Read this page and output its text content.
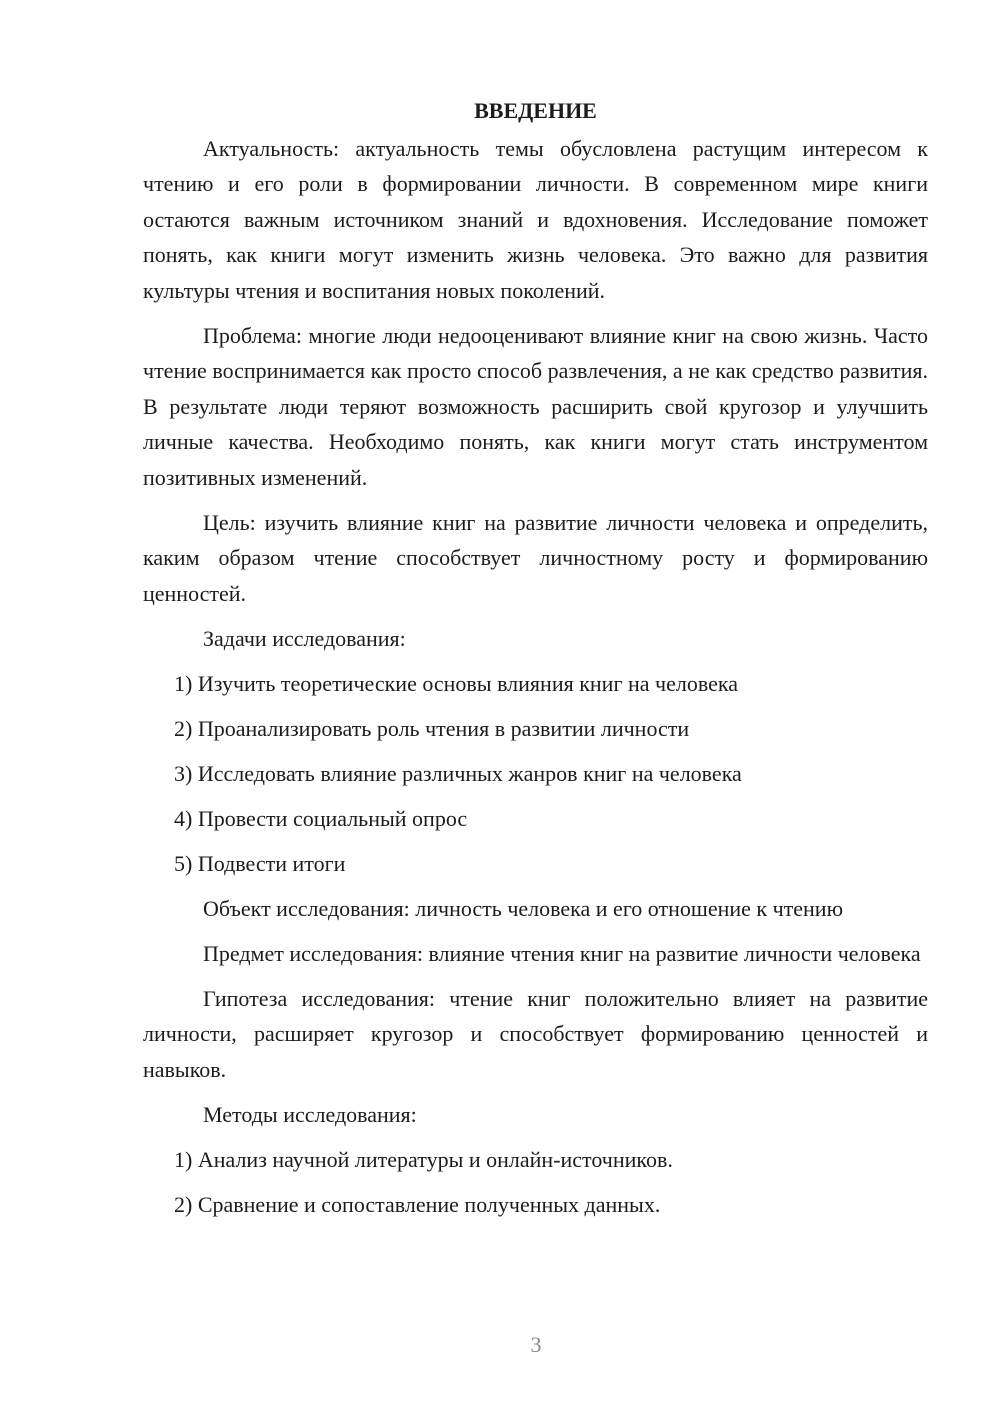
ВВЕДЕНИЕ

Актуальность: актуальность темы обусловлена растущим интересом к чтению и его роли в формировании личности. В современном мире книги остаются важным источником знаний и вдохновения. Исследование поможет понять, как книги могут изменить жизнь человека. Это важно для развития культуры чтения и воспитания новых поколений.

Проблема: многие люди недооценивают влияние книг на свою жизнь. Часто чтение воспринимается как просто способ развлечения, а не как средство развития. В результате люди теряют возможность расширить свой кругозор и улучшить личные качества. Необходимо понять, как книги могут стать инструментом позитивных изменений.

Цель: изучить влияние книг на развитие личности человека и определить, каким образом чтение способствует личностному росту и формированию ценностей.

Задачи исследования:

1) Изучить теоретические основы влияния книг на человека
2) Проанализировать роль чтения в развитии личности
3) Исследовать влияние различных жанров книг на человека
4) Провести социальный опрос
5) Подвести итоги

Объект исследования: личность человека и его отношение к чтению

Предмет исследования: влияние чтения книг на развитие личности человека

Гипотеза исследования: чтение книг положительно влияет на развитие личности, расширяет кругозор и способствует формированию ценностей и навыков.

Методы исследования:

1) Анализ научной литературы и онлайн-источников.
2) Сравнение и сопоставление полученных данных.
3
